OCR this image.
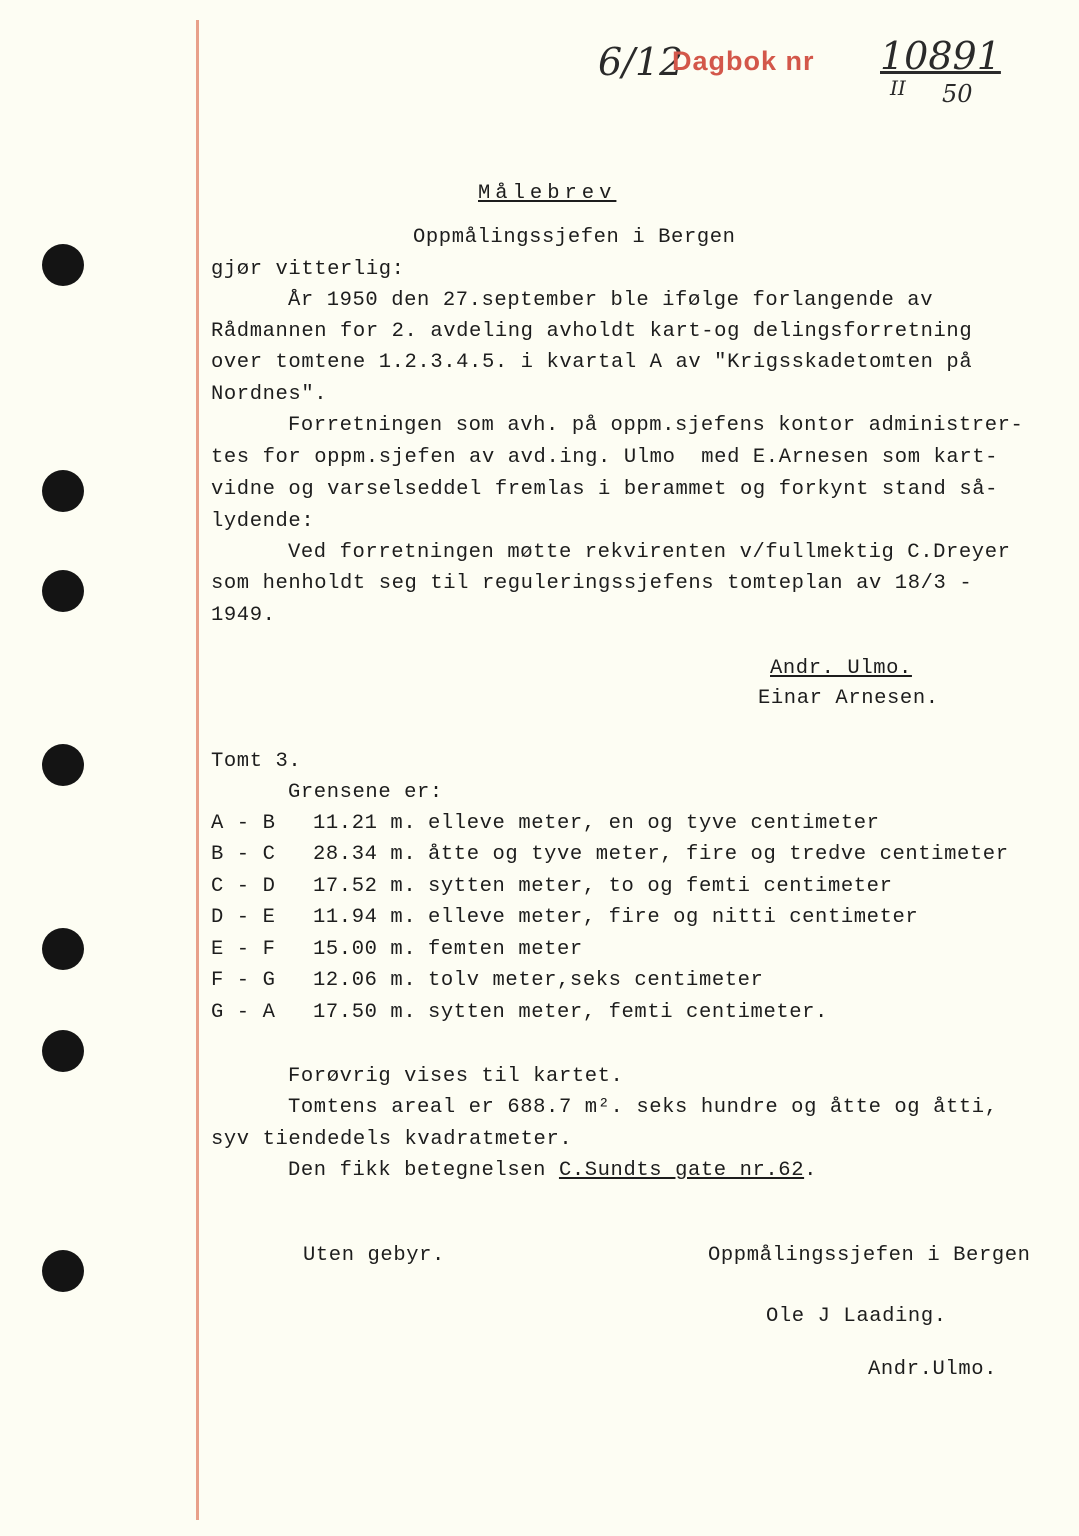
6/12
Dagbok nr 10891
II 50
Målebrev
Oppmålingssjefen i Bergen
gjør vitterlig:
År 1950 den 27.september ble ifølge forlangende av
Rådmannen for 2. avdeling avholdt kart-og delingsforretning
over tomtene 1.2.3.4.5. i kvartal A av "Krigsskadetomten på
Nordnes".
Forretningen som avh. på oppm.sjefens kontor administrer-
tes for oppm.sjefen av avd.ing. Ulmo  med E.Arnesen som kart-
vidne og varselseddel fremlas i berammet og forkynt stand så-
lydende:
Ved forretningen møtte rekvirenten v/fullmektig C.Dreyer
som henholdt seg til reguleringssjefens tomteplan av 18/3 -
1949.
Andr. Ulmo.
Einar Arnesen.
Tomt 3.
Grensene er:
A - B 11.21 m. elleve meter, en og tyve centimeter
B - C 28.34 m. åtte og tyve meter, fire og tredve centimeter
C - D 17.52 m. sytten meter, to og femti centimeter
D - E 11.94 m. elleve meter, fire og nitti centimeter
E - F 15.00 m. femten meter
F - G 12.06 m. tolv meter,seks centimeter
G - A 17.50 m. sytten meter, femti centimeter.
Forøvrig vises til kartet.
Tomtens areal er 688.7 m². seks hundre og åtte og åtti,
syv tiendedels kvadratmeter.
Den fikk betegnelsen C.Sundts gate nr.62.
Uten gebyr.	Oppmålingssjefen i Bergen
Ole J Laading.
Andr.Ulmo.
